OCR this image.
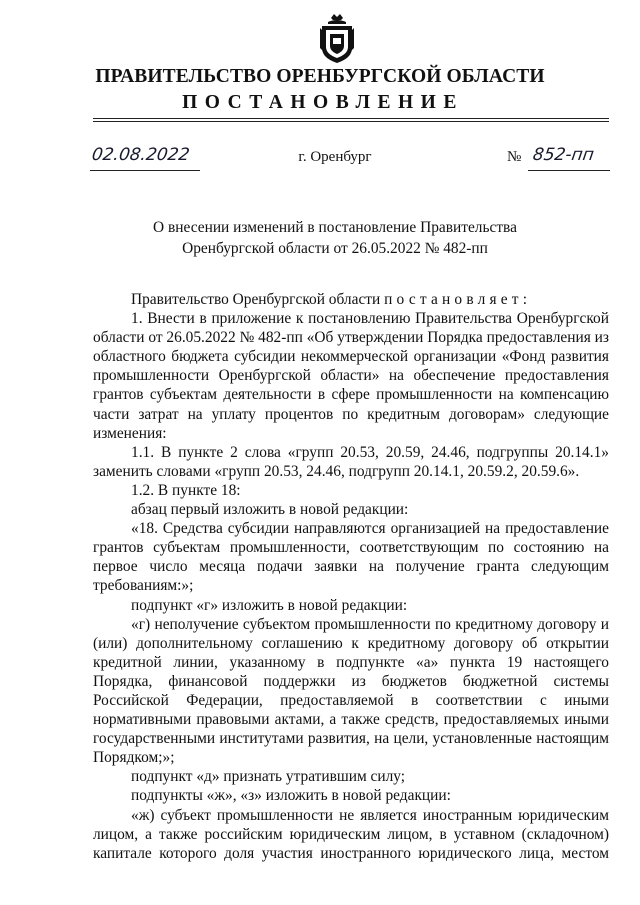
ПРАВИТЕЛЬСТВО ОРЕНБУРГСКОЙ ОБЛАСТИ
ПОСТАНОВЛЕНИЕ
02.08.2022	г. Оренбург	№ 852-пп
О внесении изменений в постановление Правительства
Оренбургской области от 26.05.2022 № 482-пп

Правительство Оренбургской области постановляет:

1. Внести в приложение к постановлению Правительства Оренбургской области от 26.05.2022 № 482-пп «Об утверждении Порядка предоставления из областного бюджета субсидии некоммерческой организации «Фонд развития промышленности Оренбургской области» на обеспечение предоставления грантов субъектам деятельности в сфере промышленности на компенсацию части затрат на уплату процентов по кредитным договорам» следующие изменения:

1.1. В пункте 2 слова «групп 20.53, 20.59, 24.46, подгруппы 20.14.1» заменить словами «групп 20.53, 24.46, подгрупп 20.14.1, 20.59.2, 20.59.6».

1.2. В пункте 18:

абзац первый изложить в новой редакции:

«18. Средства субсидии направляются организацией на предоставление грантов субъектам промышленности, соответствующим по состоянию на первое число месяца подачи заявки на получение гранта следующим требованиям:»;

подпункт «г» изложить в новой редакции:

«г) неполучение субъектом промышленности по кредитному договору и (или) дополнительному соглашению к кредитному договору об открытии кредитной линии, указанному в подпункте «а» пункта 19 настоящего Порядка, финансовой поддержки из бюджетов бюджетной системы Российской Федерации, предоставляемой в соответствии с иными нормативными правовыми актами, а также средств, предоставляемых иными государственными институтами развития, на цели, установленные настоящим Порядком;»;

подпункт «д» признать утратившим силу;

подпункты «ж», «з» изложить в новой редакции:

«ж) субъект промышленности не является иностранным юридическим лицом, а также российским юридическим лицом, в уставном (складочном) капитале которого доля участия иностранного юридического лица, местом
